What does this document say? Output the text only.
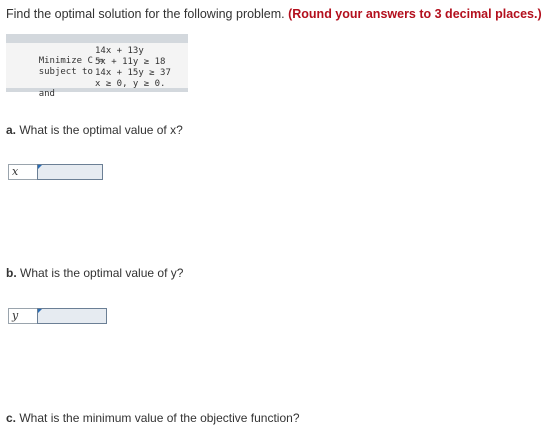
Find the optimal solution for the following problem. (Round your answers to 3 decimal places.)

Minimize C =

14x + 13y

subject to

5x + 11y ≥ 18

14x + 15y ≥ 37

and

x ≥ 0, y ≥ 0.

a. What is the optimal value of x?
x
b. What is the optimal value of y?
y
c. What is the minimum value of the objective function?
